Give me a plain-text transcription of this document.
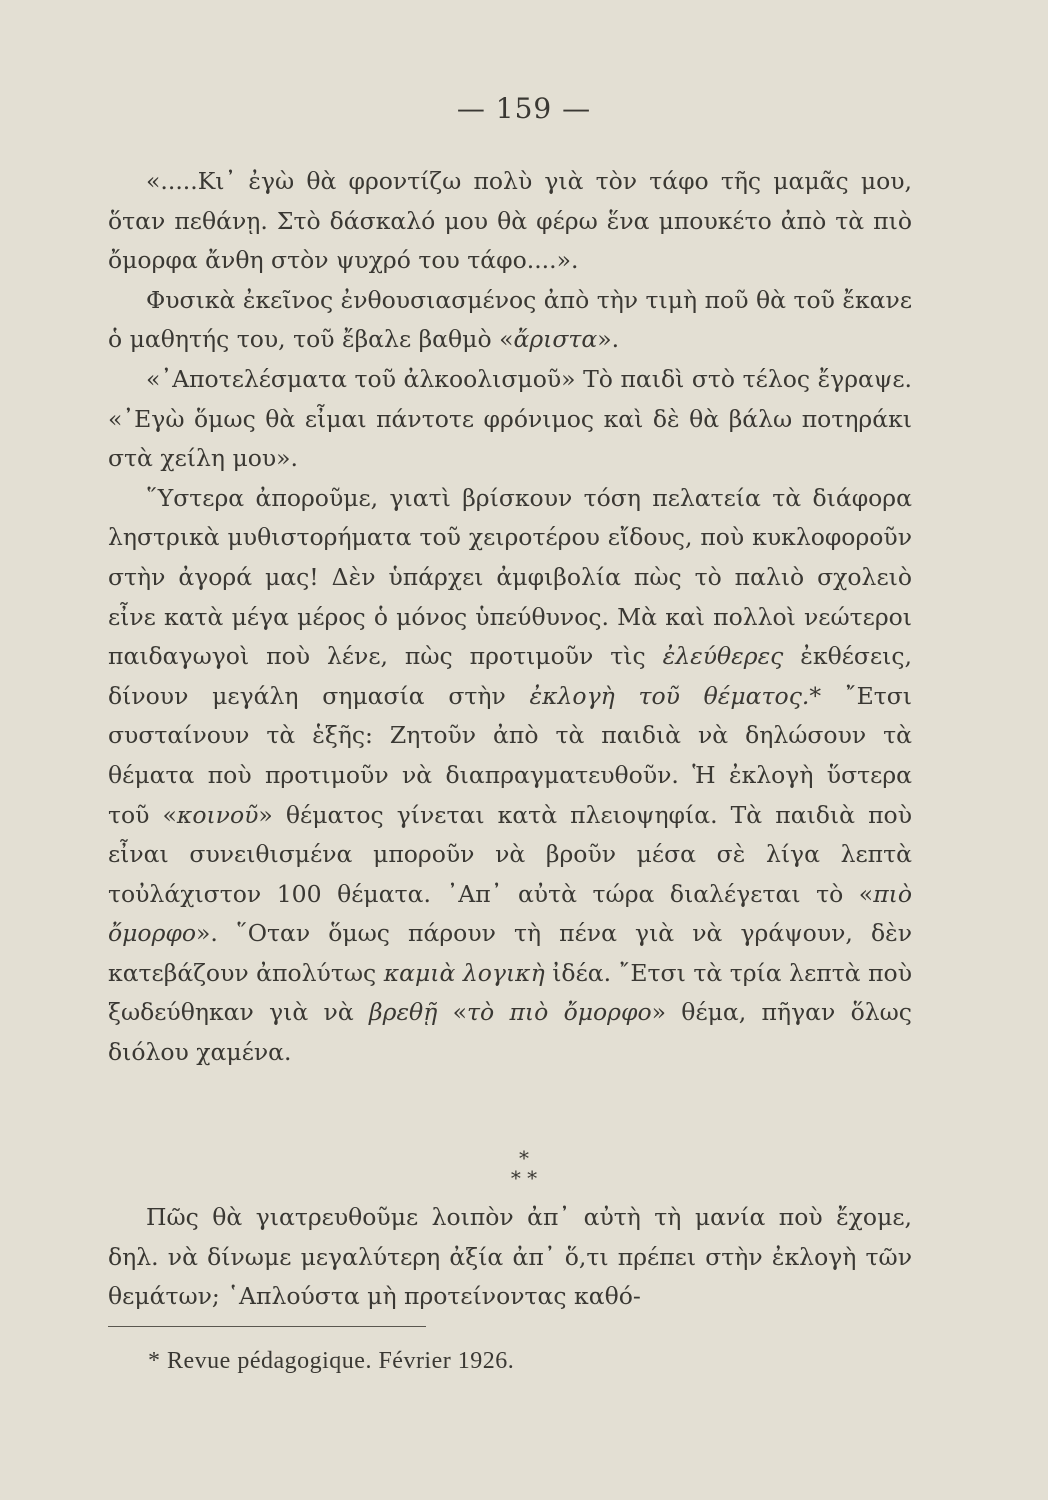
— 159 —

«.....Κι᾽ ἐγὼ θὰ φροντίζω πολὺ γιὰ τὸν τάφο τῆς μαμᾶς μου, ὅταν πεθάνῃ. Στὸ δάσκαλό μου θὰ φέρω ἕνα μπουκέτο ἀπὸ τὰ πιὸ ὄμορφα ἄνθη στὸν ψυχρό του τάφο....».

Φυσικὰ ἐκεῖνος ἐνθουσιασμένος ἀπὸ τὴν τιμὴ ποῦ θὰ τοῦ ἔκανε ὁ μαθητής του, τοῦ ἔβαλε βαθμὸ «ἄριστα».

«᾽Αποτελέσματα τοῦ ἀλκοολισμοῦ» Τὸ παιδὶ στὸ τέλος ἔγραψε. «᾽Εγὼ ὅμως θὰ εἶμαι πάντοτε φρόνιμος καὶ δὲ θὰ βάλω ποτηράκι στὰ χείλη μου».

῞Υστερα ἀποροῦμε, γιατὶ βρίσκουν τόση πελατεία τὰ διάφορα ληστρικὰ μυθιστορήματα τοῦ χειροτέρου εἴδους, ποὺ κυκλοφοροῦν στὴν ἀγορά μας! Δὲν ὑπάρχει ἀμφιβολία πὼς τὸ παλιὸ σχολειὸ εἶνε κατὰ μέγα μέρος ὁ μόνος ὑπεύθυνος. Μὰ καὶ πολλοὶ νεώτεροι παιδαγωγοὶ ποὺ λένε, πὼς προτιμοῦν τὶς ἐλεύθερες ἐκθέσεις, δίνουν μεγάλη σημασία στὴν ἐκλογὴ τοῦ θέματος.* ῎Ετσι συσταίνουν τὰ ἑξῆς: Ζητοῦν ἀπὸ τὰ παιδιὰ νὰ δηλώσουν τὰ θέματα ποὺ προτιμοῦν νὰ διαπραγματευθοῦν. Ἡ ἐκλογὴ ὕστερα τοῦ «κοινοῦ» θέματος γίνεται κατὰ πλειοψηφία. Τὰ παιδιὰ ποὺ εἶναι συνειθισμένα μποροῦν νὰ βροῦν μέσα σὲ λίγα λεπτὰ τοὐλάχιστον 100 θέματα. ᾽Απ᾽ αὐτὰ τώρα διαλέγεται τὸ «πιὸ ὄμορφο». ῞Οταν ὅμως πάρουν τὴ πένα γιὰ νὰ γράψουν, δὲν κατεβάζουν ἀπολύτως καμιὰ λογικὴ ἰδέα. ῎Ετσι τὰ τρία λεπτὰ ποὺ ξωδεύθηκαν γιὰ νὰ βρεθῇ «τὸ πιὸ ὄμορφο» θέμα, πῆγαν ὅλως διόλου χαμένα.

*
* *

Πῶς θὰ γιατρευθοῦμε λοιπὸν ἀπ᾽ αὐτὴ τὴ μανία ποὺ ἔχομε, δηλ. νὰ δίνωμε μεγαλύτερη ἀξία ἀπ᾽ ὅ,τι πρέπει στὴν ἐκλογὴ τῶν θεμάτων; ῾Απλούστα μὴ προτείνοντας καθό-

* Revue pédagogique. Février 1926.
